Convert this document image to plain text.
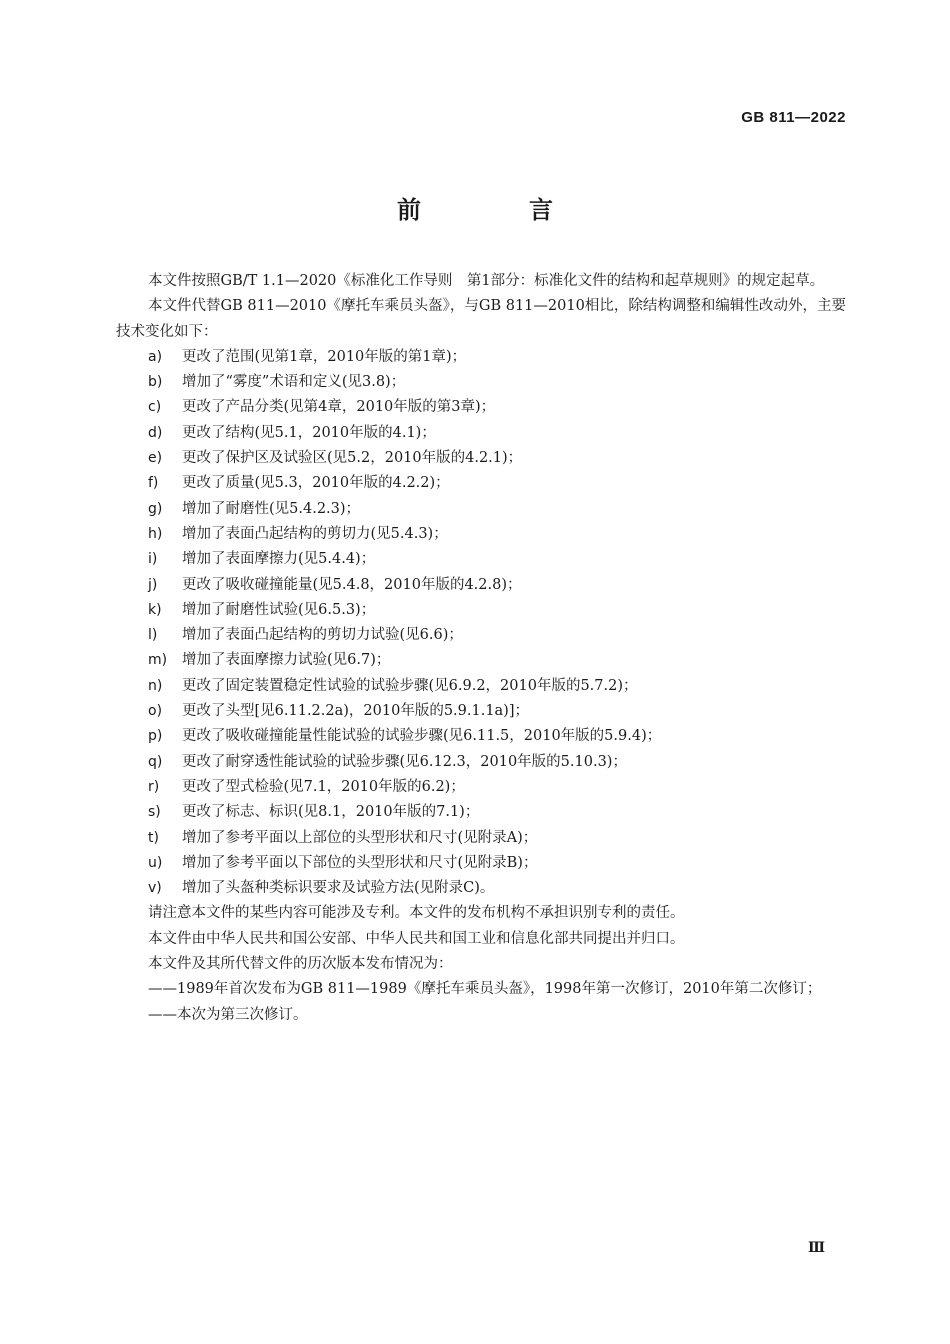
GB 811—2022

前　言

本文件按照GB/T 1.1—2020《标准化工作导则　第1部分：标准化文件的结构和起草规则》的规定起草。

本文件代替GB 811—2010《摩托车乘员头盔》，与GB 811—2010相比，除结构调整和编辑性改动外，主要技术变化如下：

a) 更改了范围(见第1章，2010年版的第1章)；
b) 增加了“雾度”术语和定义(见3.8)；
c) 更改了产品分类(见第4章，2010年版的第3章)；
d) 更改了结构(见5.1，2010年版的4.1)；
e) 更改了保护区及试验区(见5.2，2010年版的4.2.1)；
f) 更改了质量(见5.3，2010年版的4.2.2)；
g) 增加了耐磨性(见5.4.2.3)；
h) 增加了表面凸起结构的剪切力(见5.4.3)；
i) 增加了表面摩擦力(见5.4.4)；
j) 更改了吸收碰撞能量(见5.4.8，2010年版的4.2.8)；
k) 增加了耐磨性试验(见6.5.3)；
l) 增加了表面凸起结构的剪切力试验(见6.6)；
m) 增加了表面摩擦力试验(见6.7)；
n) 更改了固定装置稳定性试验的试验步骤(见6.9.2，2010年版的5.7.2)；
o) 更改了头型[见6.11.2.2a)，2010年版的5.9.1.1a)]；
p) 更改了吸收碰撞能量性能试验的试验步骤(见6.11.5，2010年版的5.9.4)；
q) 更改了耐穿透性能试验的试验步骤(见6.12.3，2010年版的5.10.3)；
r) 更改了型式检验(见7.1，2010年版的6.2)；
s) 更改了标志、标识(见8.1，2010年版的7.1)；
t) 增加了参考平面以上部位的头型形状和尺寸(见附录A)；
u) 增加了参考平面以下部位的头型形状和尺寸(见附录B)；
v) 增加了头盔种类标识要求及试验方法(见附录C)。

请注意本文件的某些内容可能涉及专利。本文件的发布机构不承担识别专利的责任。

本文件由中华人民共和国公安部、中华人民共和国工业和信息化部共同提出并归口。

本文件及其所代替文件的历次版本发布情况为：

——1989年首次发布为GB 811—1989《摩托车乘员头盔》，1998年第一次修订，2010年第二次修订；

——本次为第三次修订。

Ⅲ
